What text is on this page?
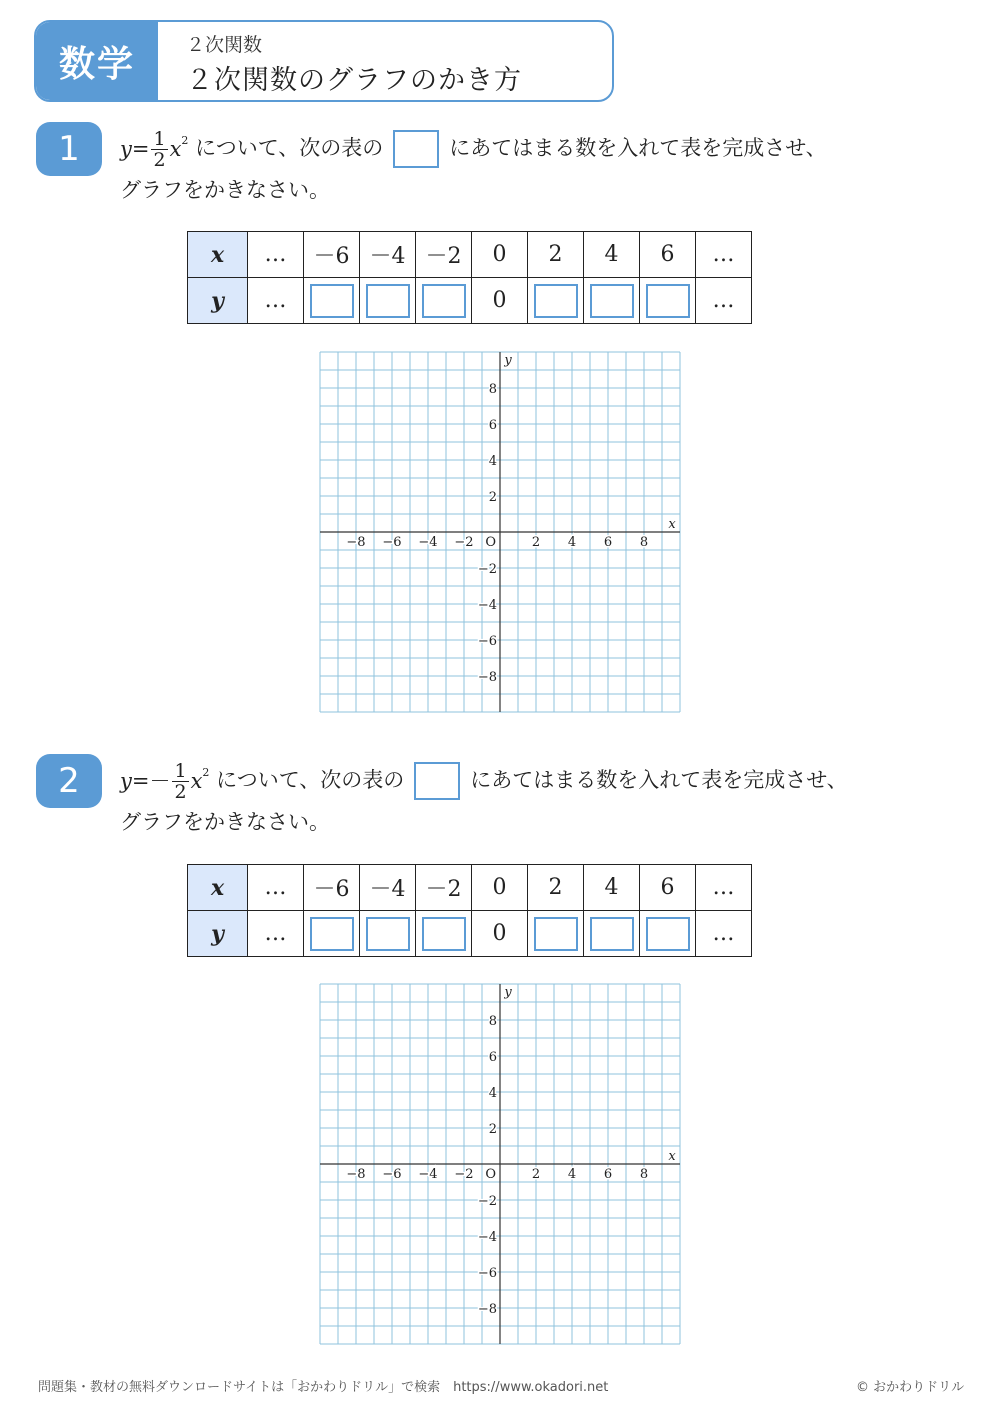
数学	２次関数
２次関数のグラフのかき方
1	$y = \frac{1}{2}$ x 2 について、次の表の	にあてはまる数を入れて表を完成させ、
グラフをかきなさい。
x	…	－6	－4	－2	0	2	4	6	…
y	…				0				…
−8 −6 −4 −2	2 4 6 8
8
6
4
2
−2
−4
−6
−8
O
x
y
2	y = － $\frac{1}{2}$ x 2 について、次の表の	にあてはまる数を入れて表を完成させ、
グラフをかきなさい。
x	…	－6	－4	－2	0	2	4	6	…
y	…				0				…
−8 −6 −4 −2	2 4 6 8
8
6
4
2
−2
−4
−6
−8
O
x
y
問題集・教材の無料ダウンロードサイトは「おかわりドリル」で検索　https://www.okadori.net	© おかわりドリル
